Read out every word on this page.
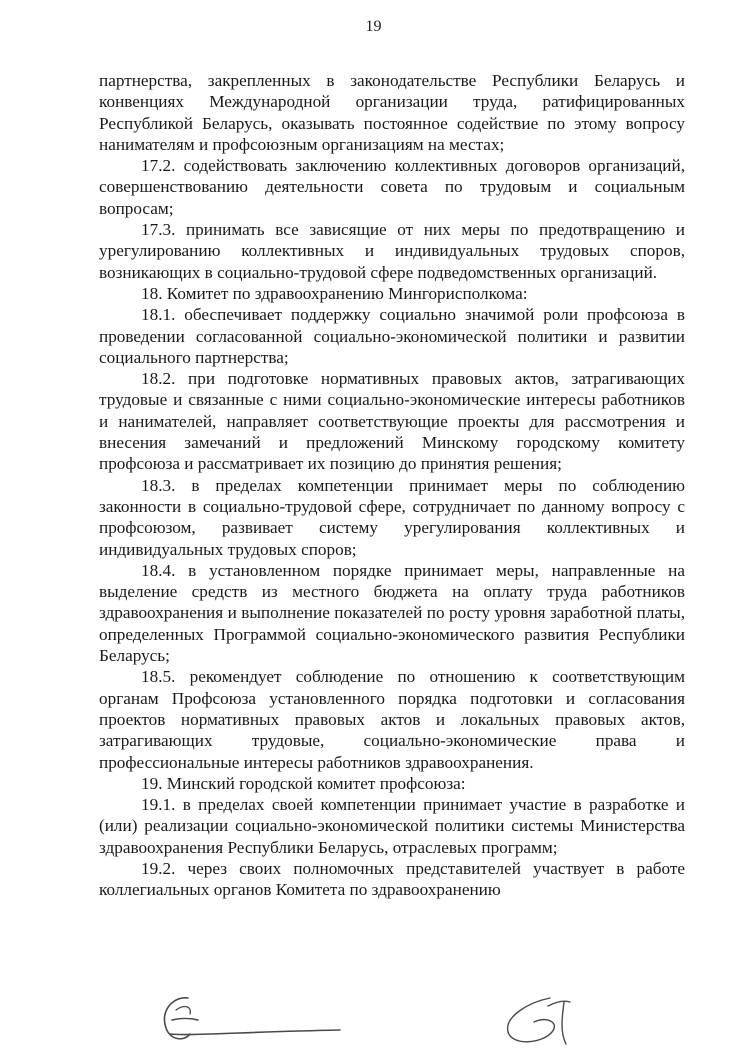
19

партнерства, закрепленных в законодательстве Республики Беларусь и конвенциях Международной организации труда, ратифицированных Республикой Беларусь, оказывать постоянное содействие по этому вопросу нанимателям и профсоюзным организациям на местах;

17.2. содействовать заключению коллективных договоров организаций, совершенствованию деятельности совета по трудовым и социальным вопросам;

17.3. принимать все зависящие от них меры по предотвращению и урегулированию коллективных и индивидуальных трудовых споров, возникающих в социально-трудовой сфере подведомственных организаций.

18. Комитет по здравоохранению Мингорисполкома:

18.1. обеспечивает поддержку социально значимой роли профсоюза в проведении согласованной социально-экономической политики и развитии социального партнерства;

18.2. при подготовке нормативных правовых актов, затрагивающих трудовые и связанные с ними социально-экономические интересы работников и нанимателей, направляет соответствующие проекты для рассмотрения и внесения замечаний и предложений Минскому городскому комитету профсоюза и рассматривает их позицию до принятия решения;

18.3. в пределах компетенции принимает меры по соблюдению законности в социально-трудовой сфере, сотрудничает по данному вопросу с профсоюзом, развивает систему урегулирования коллективных и индивидуальных трудовых споров;

18.4. в установленном порядке принимает меры, направленные на выделение средств из местного бюджета на оплату труда работников здравоохранения и выполнение показателей по росту уровня заработной платы, определенных Программой социально-экономического развития Республики Беларусь;

18.5. рекомендует соблюдение по отношению к соответствующим органам Профсоюза установленного порядка подготовки и согласования проектов нормативных правовых актов и локальных правовых актов, затрагивающих трудовые, социально-экономические права и профессиональные интересы работников здравоохранения.

19. Минский городской комитет профсоюза:

19.1. в пределах своей компетенции принимает участие в разработке и (или) реализации социально-экономической политики системы Министерства здравоохранения Республики Беларусь, отраслевых программ;

19.2. через своих полномочных представителей участвует в работе коллегиальных органов Комитета по здравоохранению
